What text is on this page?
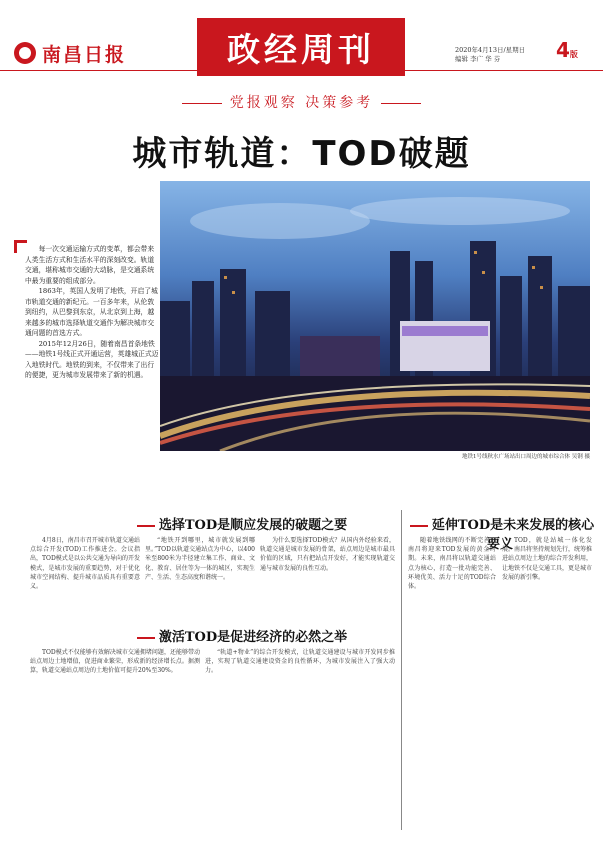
南昌日报	政经周刊	2020年4月13日/星期日
编辑 李广 华 芬	4版
党报观察 决策参考
城市轨道：TOD破题
地铁1号线秋水广场站出口周边的城市综合体 吴钢 摄

每一次交通运输方式的变革，都会带来人类生活方式和生活水平的深刻改变。轨道交通，堪称城市交通的大动脉，是交通系统中最为重要的组成部分。

1863年，英国人发明了地铁，开启了城市轨道交通的新纪元。一百多年来，从伦敦到纽约，从巴黎到东京，从北京到上海，越来越多的城市选择轨道交通作为解决城市交通问题的首选方式。

2015年12月26日，随着南昌首条地铁——地铁1号线正式开通运营，英雄城正式迈入地铁时代。地铁的到来，不仅带来了出行的便捷，更为城市发展带来了新的机遇。

选择TOD是顺应发展的破题之要

4月8日，南昌市召开城市轨道交通站点综合开发(TOD)工作推进会。会议指出，TOD模式是以公共交通为导向的开发模式，是城市发展的重要趋势，对于优化城市空间结构、提升城市品质具有重要意义。

“地铁开到哪里，城市就发展到哪里。”TOD以轨道交通站点为中心，以400米至800米为半径建立集工作、商业、文化、教育、居住等为一体的城区，实现生产、生活、生态高度和谐统一。

为什么要选择TOD模式？从国内外经验来看，轨道交通是城市发展的骨架，站点周边是城市最具价值的区域，只有把站点开发好，才能实现轨道交通与城市发展的良性互动。

激活TOD是促进经济的必然之举

TOD模式不仅能够有效解决城市交通拥堵问题，还能够带动站点周边土地增值，促进商业繁荣，形成新的经济增长点。据测算，轨道交通站点周边的土地价值可提升20%至30%。

“轨道+物业”的综合开发模式，让轨道交通建设与城市开发同步推进，实现了轨道交通建设资金的良性循环，为城市发展注入了强大动力。

延伸TOD是未来发展的核心要义

随着地铁线网的不断完善，南昌将迎来TOD发展的黄金时期。未来，南昌将以轨道交通站点为核心，打造一批功能完善、环境优美、活力十足的TOD综合体。

TOD，就是站城一体化发展。南昌将坚持规划先行，统筹推进站点周边土地的综合开发利用，让地铁不仅是交通工具，更是城市发展的新引擎。
